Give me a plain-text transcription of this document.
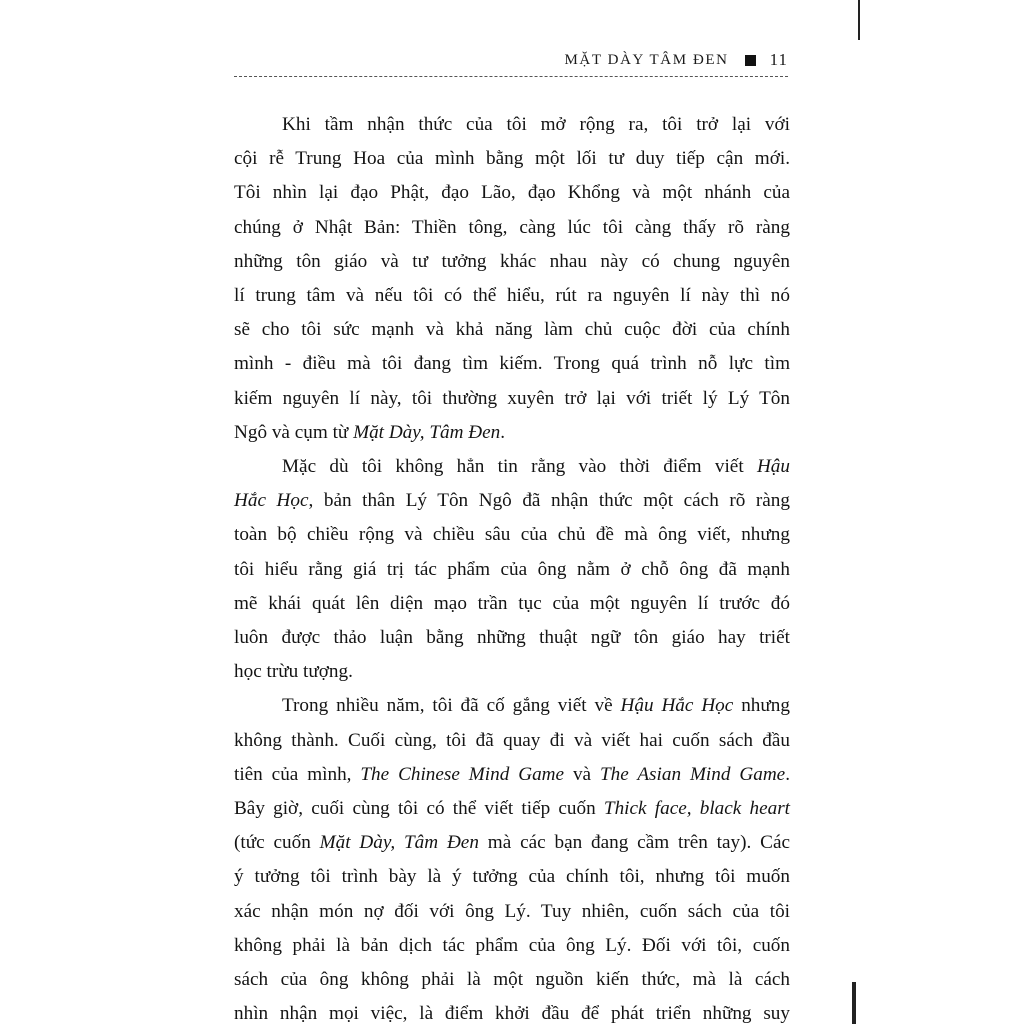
MẶT DÀY TÂM ĐEN 11
Khi tầm nhận thức của tôi mở rộng ra, tôi trở lại với
cội rễ Trung Hoa của mình bằng một lối tư duy tiếp cận mới.
Tôi nhìn lại đạo Phật, đạo Lão, đạo Khổng và một nhánh của
chúng ở Nhật Bản: Thiền tông, càng lúc tôi càng thấy rõ ràng
những tôn giáo và tư tưởng khác nhau này có chung nguyên
lí trung tâm và nếu tôi có thể hiểu, rút ra nguyên lí này thì nó
sẽ cho tôi sức mạnh và khả năng làm chủ cuộc đời của chính
mình - điều mà tôi đang tìm kiếm. Trong quá trình nỗ lực tìm
kiếm nguyên lí này, tôi thường xuyên trở lại với triết lý Lý Tôn
Ngô và cụm từ Mặt Dày, Tâm Đen.
Mặc dù tôi không hẳn tin rằng vào thời điểm viết Hậu
Hắc Học, bản thân Lý Tôn Ngô đã nhận thức một cách rõ ràng
toàn bộ chiều rộng và chiều sâu của chủ đề mà ông viết, nhưng
tôi hiểu rằng giá trị tác phẩm của ông nằm ở chỗ ông đã mạnh
mẽ khái quát lên diện mạo trần tục của một nguyên lí trước đó
luôn được thảo luận bằng những thuật ngữ tôn giáo hay triết
học trừu tượng.
Trong nhiều năm, tôi đã cố gắng viết về Hậu Hắc Học nhưng
không thành. Cuối cùng, tôi đã quay đi và viết hai cuốn sách đầu
tiên của mình, The Chinese Mind Game và The Asian Mind Game.
Bây giờ, cuối cùng tôi có thể viết tiếp cuốn Thick face, black heart
(tức cuốn Mặt Dày, Tâm Đen mà các bạn đang cầm trên tay). Các
ý tưởng tôi trình bày là ý tưởng của chính tôi, nhưng tôi muốn
xác nhận món nợ đối với ông Lý. Tuy nhiên, cuốn sách của tôi
không phải là bản dịch tác phẩm của ông Lý. Đối với tôi, cuốn
sách của ông không phải là một nguồn kiến thức, mà là cách
nhìn nhận mọi việc, là điểm khởi đầu để phát triển những suy
